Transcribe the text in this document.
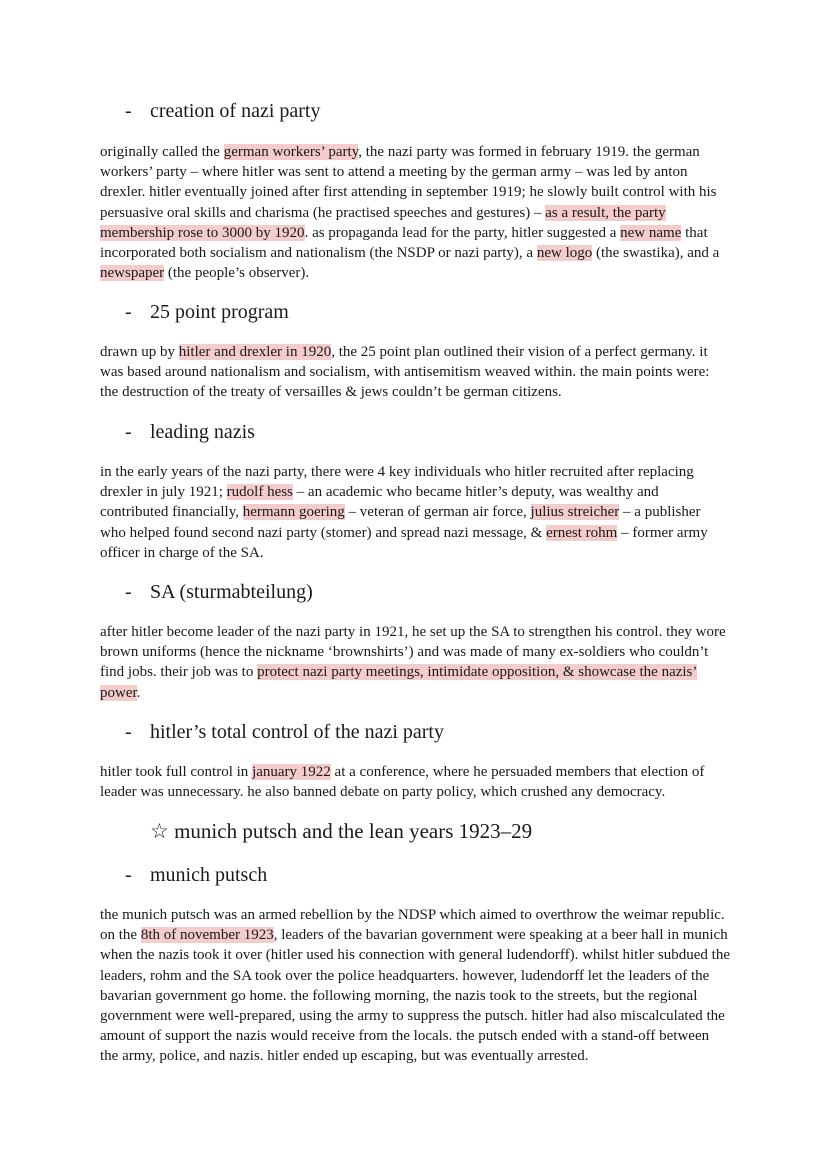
- creation of nazi party
originally called the german workers’ party, the nazi party was formed in february 1919. the german workers’ party – where hitler was sent to attend a meeting by the german army – was led by anton drexler. hitler eventually joined after first attending in september 1919; he slowly built control with his persuasive oral skills and charisma (he practised speeches and gestures) – as a result, the party membership rose to 3000 by 1920. as propaganda lead for the party, hitler suggested a new name that incorporated both socialism and nationalism (the NSDP or nazi party), a new logo (the swastika), and a newspaper (the people’s observer).
- 25 point program
drawn up by hitler and drexler in 1920, the 25 point plan outlined their vision of a perfect germany. it was based around nationalism and socialism, with antisemitism weaved within. the main points were: the destruction of the treaty of versailles & jews couldn’t be german citizens.
- leading nazis
in the early years of the nazi party, there were 4 key individuals who hitler recruited after replacing drexler in july 1921; rudolf hess – an academic who became hitler’s deputy, was wealthy and contributed financially, hermann goering – veteran of german air force, julius streicher – a publisher who helped found second nazi party (stomer) and spread nazi message, & ernest rohm – former army officer in charge of the SA.
- SA (sturmabteilung)
after hitler become leader of the nazi party in 1921, he set up the SA to strengthen his control. they wore brown uniforms (hence the nickname ‘brownshirts’) and was made of many ex-soldiers who couldn’t find jobs. their job was to protect nazi party meetings, intimidate opposition, & showcase the nazis’ power.
- hitler’s total control of the nazi party
hitler took full control in january 1922 at a conference, where he persuaded members that election of leader was unnecessary. he also banned debate on party policy, which crushed any democracy.
☆ munich putsch and the lean years 1923–29
- munich putsch
the munich putsch was an armed rebellion by the NDSP which aimed to overthrow the weimar republic. on the 8th of november 1923, leaders of the bavarian government were speaking at a beer hall in munich when the nazis took it over (hitler used his connection with general ludendorff). whilst hitler subdued the leaders, rohm and the SA took over the police headquarters. however, ludendorff let the leaders of the bavarian government go home. the following morning, the nazis took to the streets, but the regional government were well-prepared, using the army to suppress the putsch. hitler had also miscalculated the amount of support the nazis would receive from the locals. the putsch ended with a stand-off between the army, police, and nazis. hitler ended up escaping, but was eventually arrested.
